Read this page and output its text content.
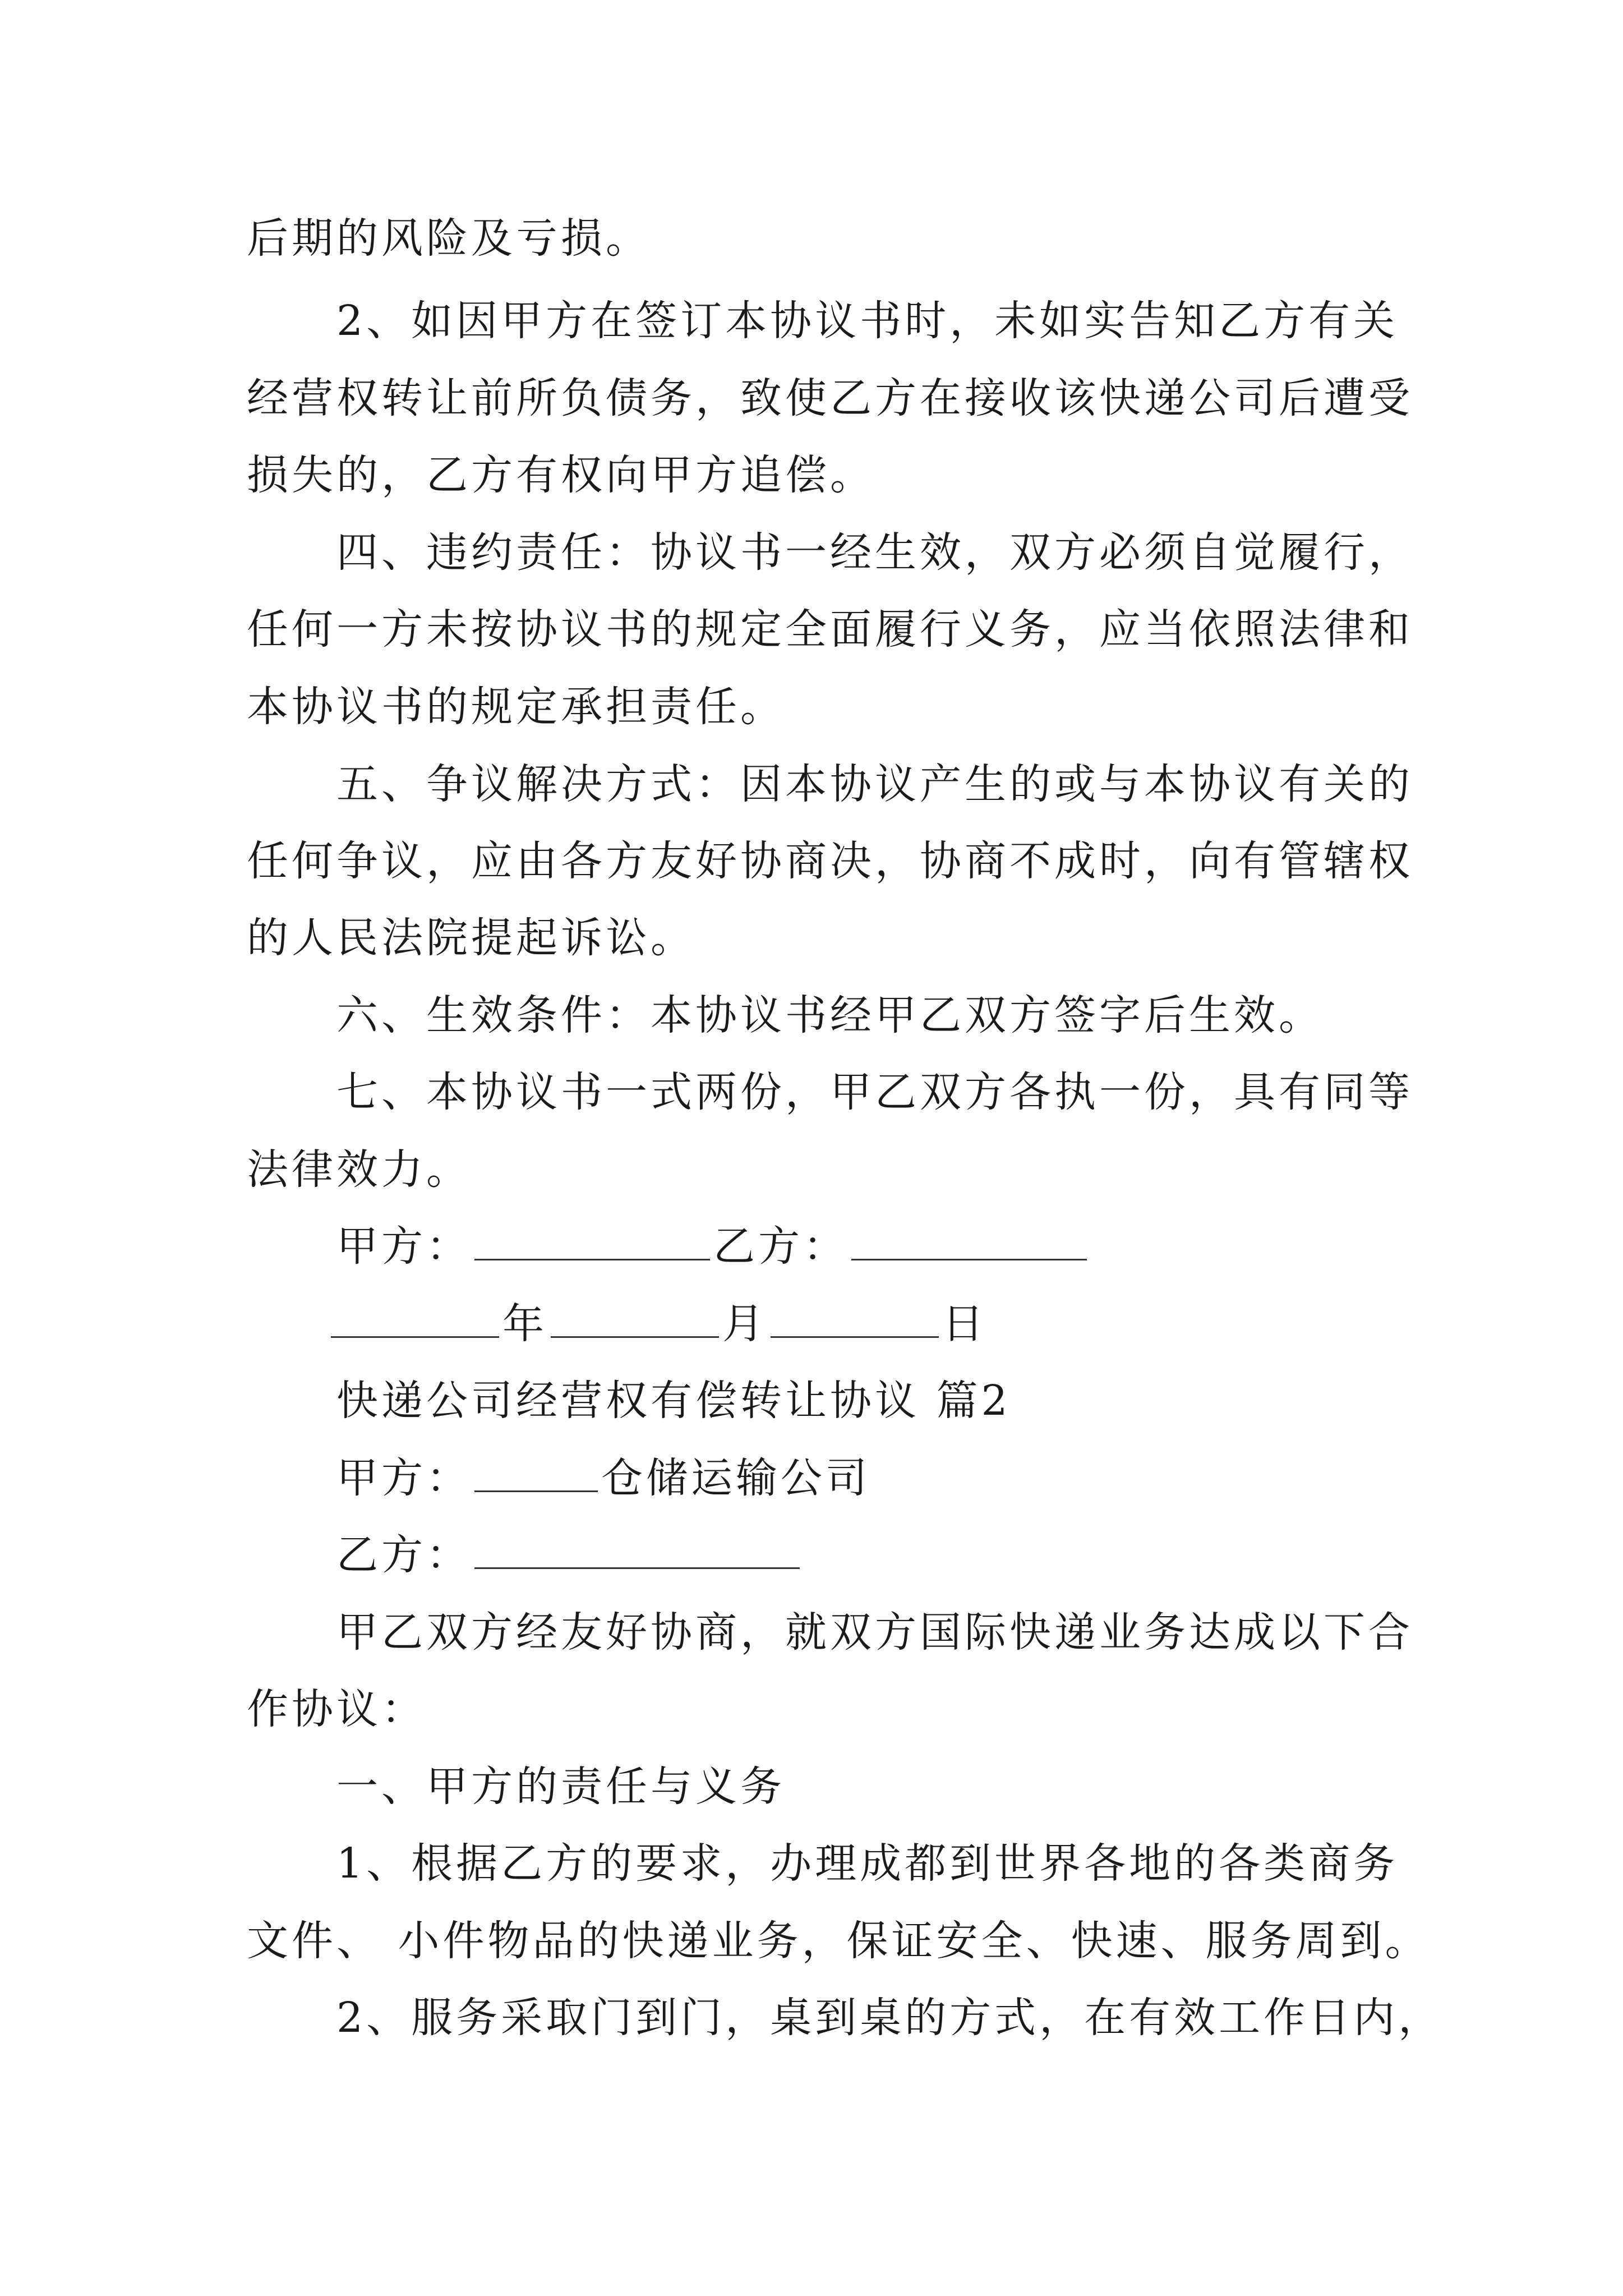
后期的风险及亏损。
2、如因甲方在签订本协议书时，未如实告知乙方有关
经营权转让前所负债务，致使乙方在接收该快递公司后遭受
损失的，乙方有权向甲方追偿。
四、违约责任：协议书一经生效，双方必须自觉履行，
任何一方未按协议书的规定全面履行义务，应当依照法律和
本协议书的规定承担责任。
五、争议解决方式：因本协议产生的或与本协议有关的
任何争议，应由各方友好协商决，协商不成时，向有管辖权
的人民法院提起诉讼。
六、生效条件：本协议书经甲乙双方签字后生效。
七、本协议书一式两份，甲乙双方各执一份，具有同等
法律效力。
甲方：	乙方：
年	月	日
快递公司经营权有偿转让协议 篇2
甲方：	仓储运输公司
乙方：
甲乙双方经友好协商，就双方国际快递业务达成以下合
作协议：
一、甲方的责任与义务
1、根据乙方的要求，办理成都到世界各地的各类商务
文件、 小件物品的快递业务，保证安全、快速、服务周到。
2、服务采取门到门，桌到桌的方式，在有效工作日内，
